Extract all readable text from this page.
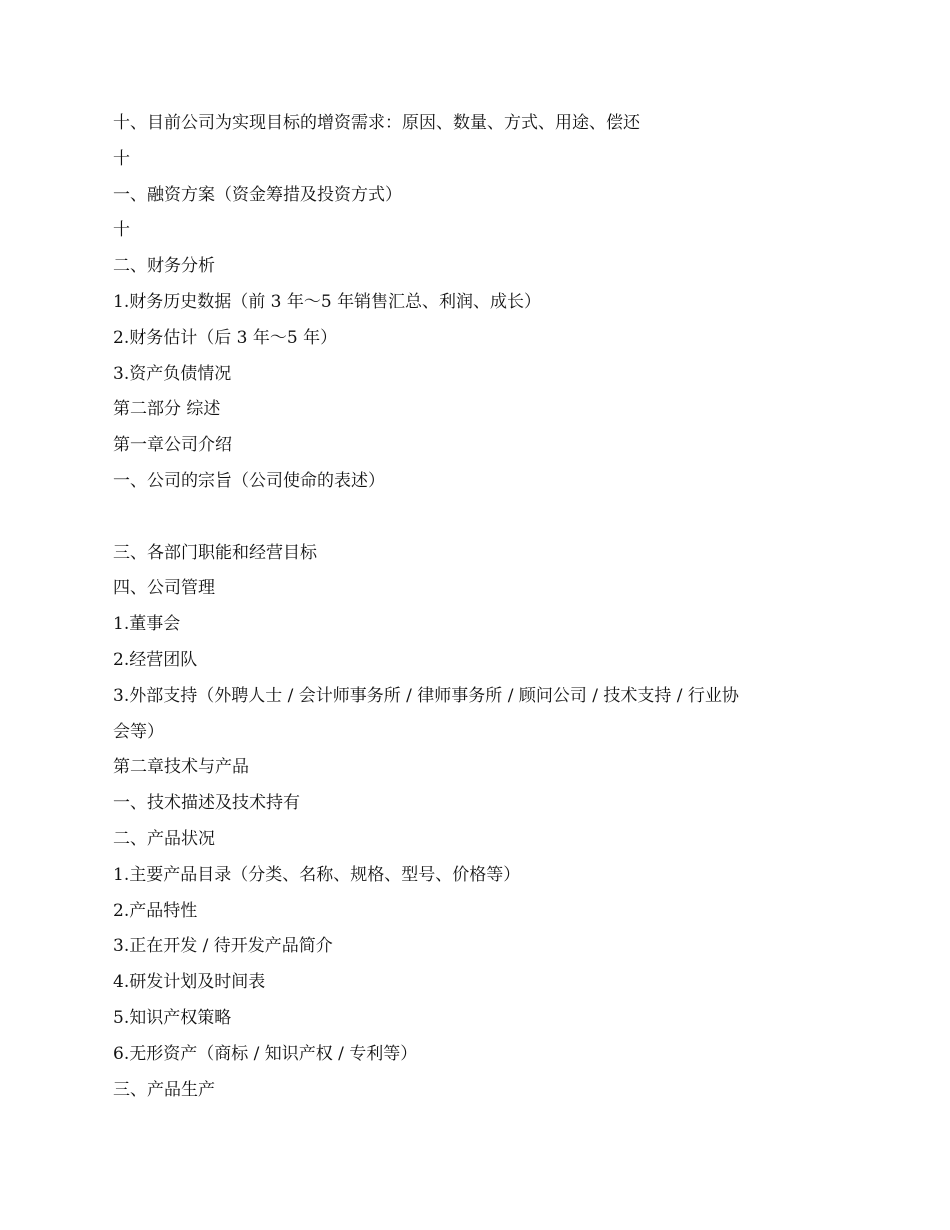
十、目前公司为实现目标的增资需求：原因、数量、方式、用途、偿还

十

一、融资方案（资金筹措及投资方式）

十

二、财务分析

1.财务历史数据（前 3 年～5 年销售汇总、利润、成长）

2.财务估计（后 3 年～5 年）

3.资产负债情况

第二部分 综述

第一章公司介绍

一、公司的宗旨（公司使命的表述）

三、各部门职能和经营目标

四、公司管理

1.董事会

2.经营团队

3.外部支持（外聘人士 / 会计师事务所 / 律师事务所 / 顾问公司 / 技术支持 / 行业协

会等）

第二章技术与产品

一、技术描述及技术持有

二、产品状况

1.主要产品目录（分类、名称、规格、型号、价格等）

2.产品特性

3.正在开发 / 待开发产品简介

4.研发计划及时间表

5.知识产权策略

6.无形资产（商标 / 知识产权 / 专利等）

三、产品生产
